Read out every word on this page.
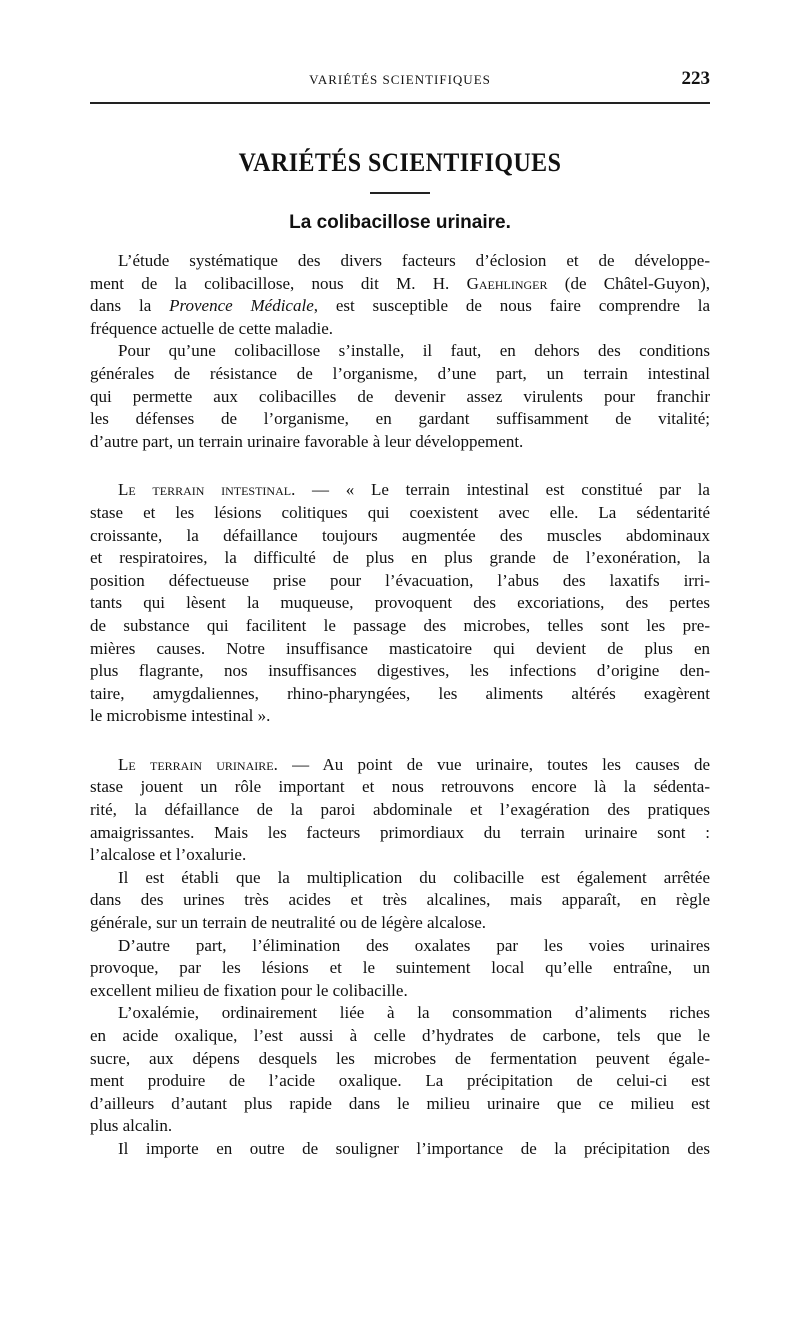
VARIÉTÉS SCIENTIFIQUES	223
VARIÉTÉS SCIENTIFIQUES
La colibacillose urinaire.
L’étude systématique des divers facteurs d’éclosion et de développe-
ment de la colibacillose, nous dit M. H. Gaehlinger (de Châtel-Guyon),
dans la Provence Médicale, est susceptible de nous faire comprendre la
fréquence actuelle de cette maladie.
Pour qu’une colibacillose s’installe, il faut, en dehors des conditions
générales de résistance de l’organisme, d’une part, un terrain intestinal
qui permette aux colibacilles de devenir assez virulents pour franchir
les défenses de l’organisme, en gardant suffisamment de vitalité;
d’autre part, un terrain urinaire favorable à leur développement.
Le terrain intestinal. — « Le terrain intestinal est constitué par la
stase et les lésions colitiques qui coexistent avec elle. La sédentarité
croissante, la défaillance toujours augmentée des muscles abdominaux
et respiratoires, la difficulté de plus en plus grande de l’exonération, la
position défectueuse prise pour l’évacuation, l’abus des laxatifs irri-
tants qui lèsent la muqueuse, provoquent des excoriations, des pertes
de substance qui facilitent le passage des microbes, telles sont les pre-
mières causes. Notre insuffisance masticatoire qui devient de plus en
plus flagrante, nos insuffisances digestives, les infections d’origine den-
taire, amygdaliennes, rhino-pharyngées, les aliments altérés exagèrent
le microbisme intestinal ».
Le terrain urinaire. — Au point de vue urinaire, toutes les causes de
stase jouent un rôle important et nous retrouvons encore là la sédenta-
rité, la défaillance de la paroi abdominale et l’exagération des pratiques
amaigrissantes. Mais les facteurs primordiaux du terrain urinaire sont :
l’alcalose et l’oxalurie.
Il est établi que la multiplication du colibacille est également arrêtée
dans des urines très acides et très alcalines, mais apparaît, en règle
générale, sur un terrain de neutralité ou de légère alcalose.
D’autre part, l’élimination des oxalates par les voies urinaires
provoque, par les lésions et le suintement local qu’elle entraîne, un
excellent milieu de fixation pour le colibacille.
L’oxalémie, ordinairement liée à la consommation d’aliments riches
en acide oxalique, l’est aussi à celle d’hydrates de carbone, tels que le
sucre, aux dépens desquels les microbes de fermentation peuvent égale-
ment produire de l’acide oxalique. La précipitation de celui-ci est
d’ailleurs d’autant plus rapide dans le milieu urinaire que ce milieu est
plus alcalin.
Il importe en outre de souligner l’importance de la précipitation des
